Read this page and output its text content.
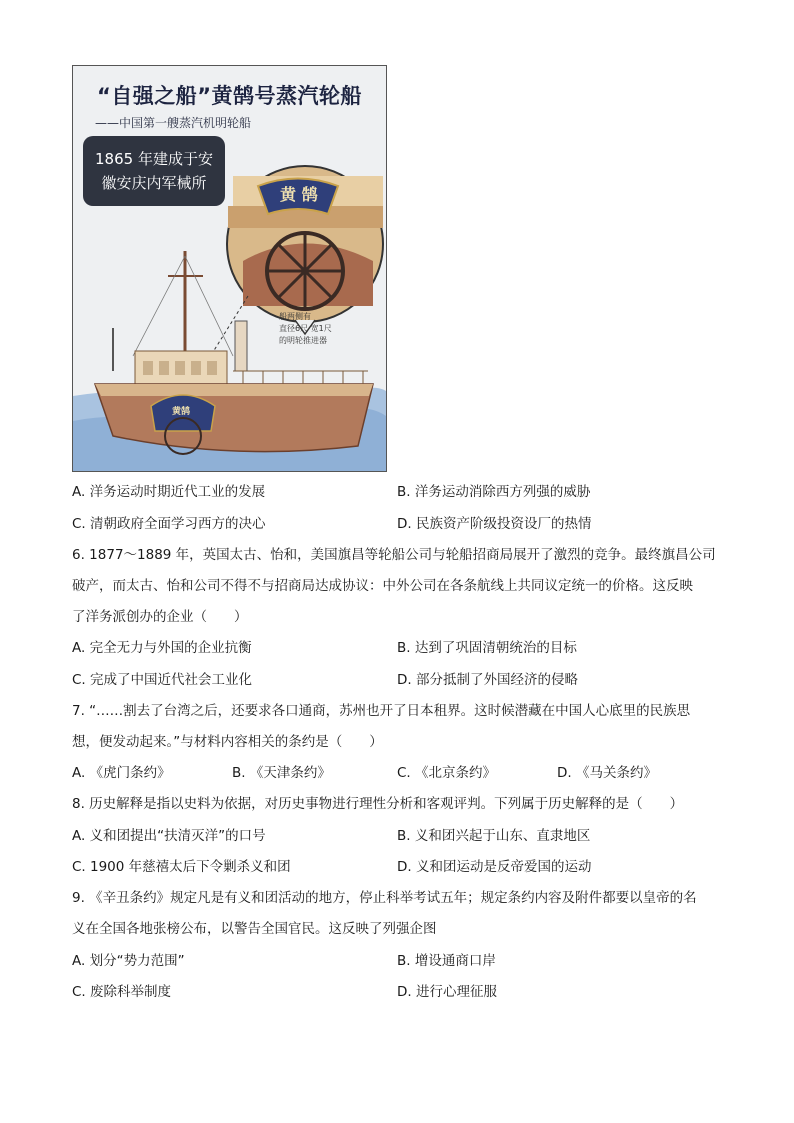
“自强之船”黄鹄号蒸汽轮船
——中国第一艘蒸汽机明轮船
1865 年建成于安
徽安庆内军械所
黄 鹄
黄鹄
船两侧有
直径6尺 宽1尺
的明轮推进器
A. 洋务运动时期近代工业的发展	B. 洋务运动消除西方列强的威胁
C. 清朝政府全面学习西方的决心	D. 民族资产阶级投资设厂的热情
6. 1877～1889 年，英国太古、怡和，美国旗昌等轮船公司与轮船招商局展开了激烈的竞争。最终旗昌公司
破产，而太古、怡和公司不得不与招商局达成协议：中外公司在各条航线上共同议定统一的价格。这反映
了洋务派创办的企业（　　）
A. 完全无力与外国的企业抗衡	B. 达到了巩固清朝统治的目标
C. 完成了中国近代社会工业化	D. 部分抵制了外国经济的侵略
7. “……割去了台湾之后，还要求各口通商，苏州也开了日本租界。这时候潜藏在中国人心底里的民族思
想，便发动起来。”与材料内容相关的条约是（　　）
A. 《虎门条约》	B. 《天津条约》	C. 《北京条约》	D. 《马关条约》
8. 历史解释是指以史料为依据，对历史事物进行理性分析和客观评判。下列属于历史解释的是（　　）
A. 义和团提出“扶清灭洋”的口号	B. 义和团兴起于山东、直隶地区
C. 1900 年慈禧太后下令剿杀义和团	D. 义和团运动是反帝爱国的运动
9. 《辛丑条约》规定凡是有义和团活动的地方，停止科举考试五年；规定条约内容及附件都要以皇帝的名
义在全国各地张榜公布，以警告全国官民。这反映了列强企图
A. 划分“势力范围”	B. 增设通商口岸
C. 废除科举制度	D. 进行心理征服
